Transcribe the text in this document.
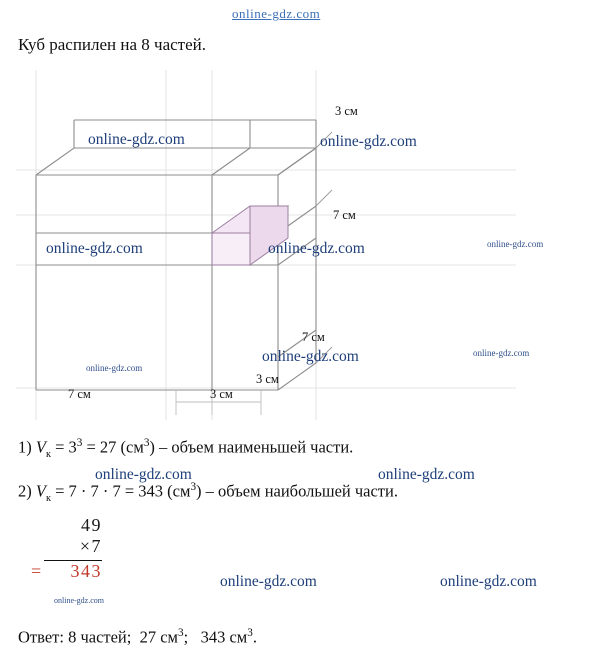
online-gdz.com
Куб распилен на 8 частей.
3 см
7 см
7 см
3 см
7 см	3 см
1) $V_к = 3^3 = 27$ $(см^3)$ – объем наименьшей части.
2) $V_к = 7 \cdot 7 \cdot 7 = 343$ $(см^3)$ – объем наибольшей части.
49
×7
= 343
Ответ: 8 частей; 27 $см^3$; 343 $см^3$.
online-gdz.com	online-gdz.com
online-gdz.com	online-gdz.com	online-gdz.com
online-gdz.com	online-gdz.com
online-gdz.com
online-gdz.com	online-gdz.com
online-gdz.com	online-gdz.com
online-gdz.com
